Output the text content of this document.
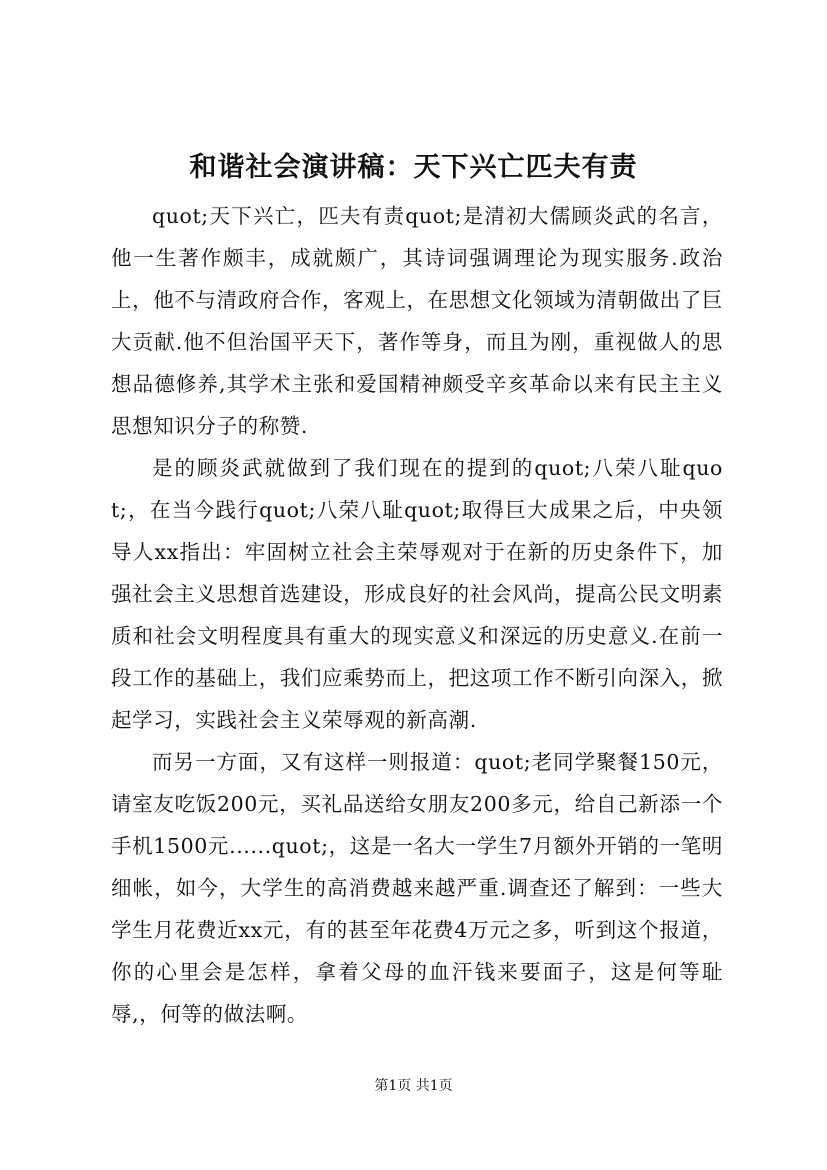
和谐社会演讲稿：天下兴亡匹夫有责

quot;天下兴亡，匹夫有责quot;是清初大儒顾炎武的名言，他一生著作颇丰，成就颇广，其诗词强调理论为现实服务.政治上，他不与清政府合作，客观上，在思想文化领域为清朝做出了巨大贡献.他不但治国平天下，著作等身，而且为刚，重视做人的思想品德修养,其学术主张和爱国精神颇受辛亥革命以来有民主主义思想知识分子的称赞.

是的顾炎武就做到了我们现在的提到的quot;八荣八耻quot;，在当今践行quot;八荣八耻quot;取得巨大成果之后，中央领导人xx指出：牢固树立社会主荣辱观对于在新的历史条件下，加强社会主义思想首选建设，形成良好的社会风尚，提高公民文明素质和社会文明程度具有重大的现实意义和深远的历史意义.在前一段工作的基础上，我们应乘势而上，把这项工作不断引向深入，掀起学习，实践社会主义荣辱观的新高潮.

而另一方面，又有这样一则报道：quot;老同学聚餐150元，请室友吃饭200元，买礼品送给女朋友200多元，给自己新添一个手机1500元......quot;，这是一名大一学生7月额外开销的一笔明细帐，如今，大学生的高消费越来越严重.调查还了解到：一些大学生月花费近xx元，有的甚至年花费4万元之多，听到这个报道，你的心里会是怎样，拿着父母的血汗钱来要面子，这是何等耻辱,，何等的做法啊。

第1页 共1页
